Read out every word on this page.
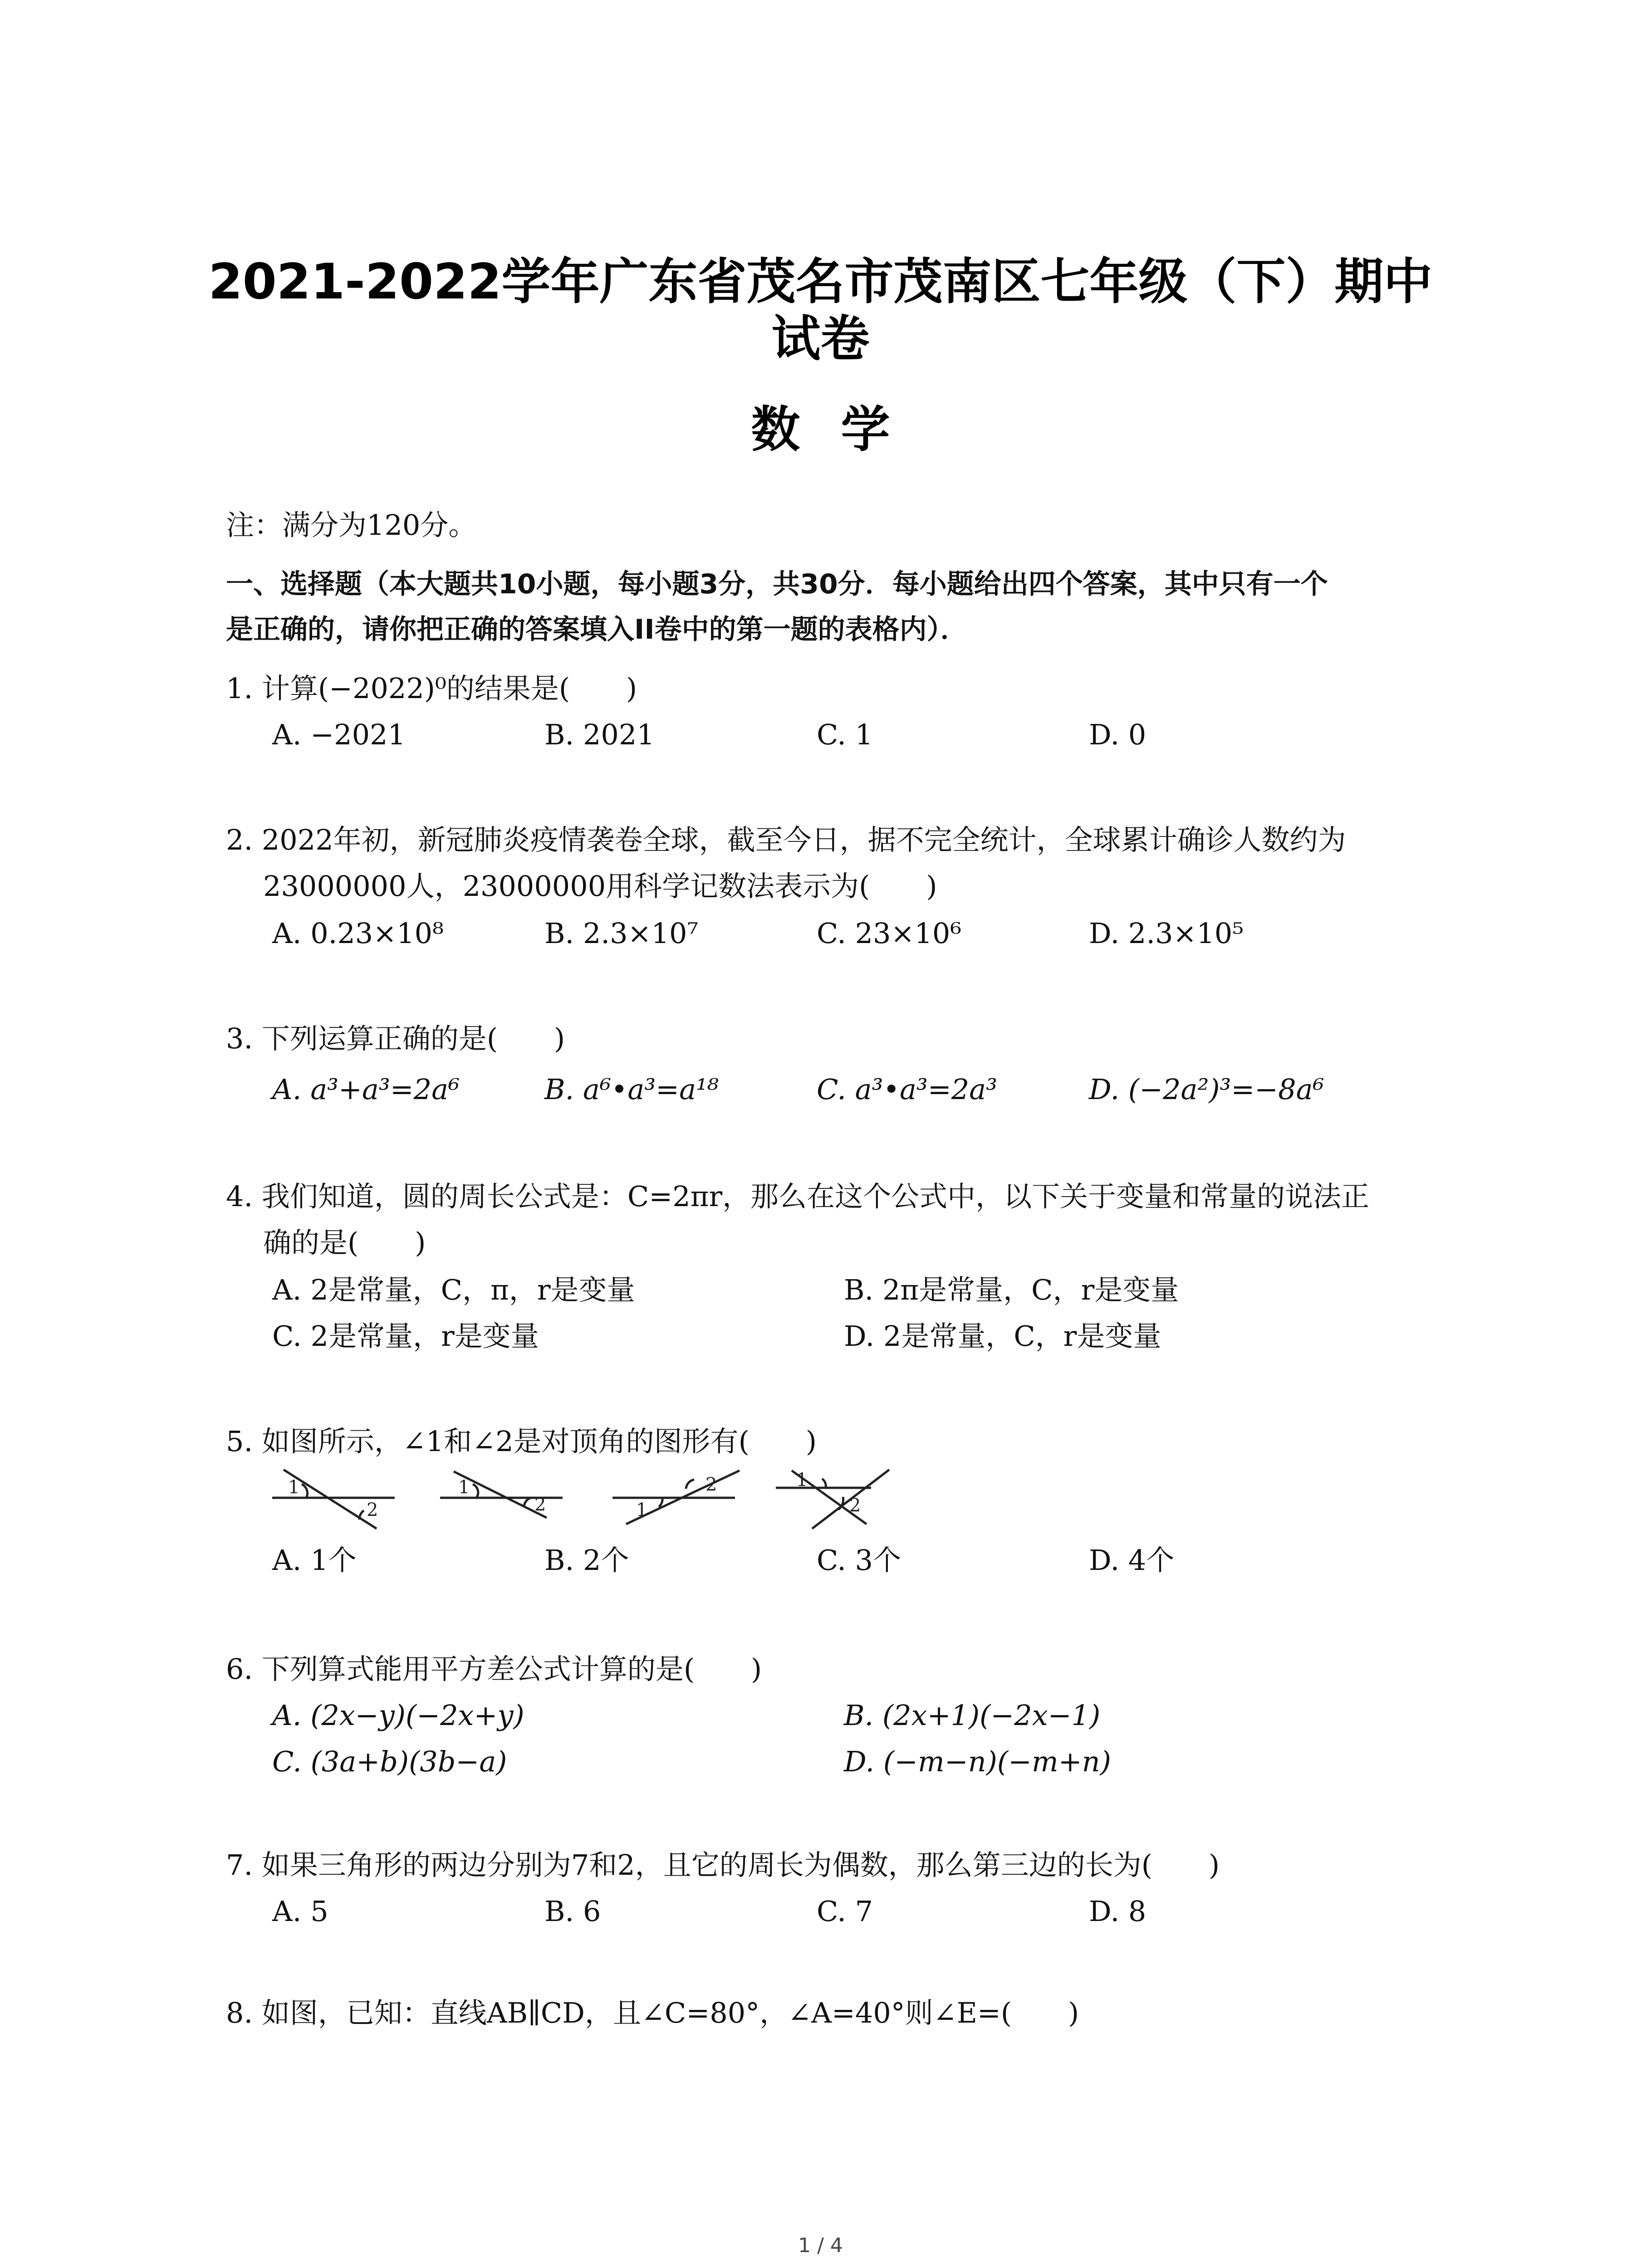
2021-2022学年广东省茂名市茂南区七年级（下）期中
试卷
数学
注：满分为120分。
一、选择题（本大题共10小题，每小题3分，共30分．每小题给出四个答案，其中只有一个
是正确的，请你把正确的答案填入II卷中的第一题的表格内）．
1. 计算(−2022)⁰的结果是(　　)
A. −2021	B. 2021	C. 1	D. 0
2. 2022年初，新冠肺炎疫情袭卷全球，截至今日，据不完全统计，全球累计确诊人数约为
23000000人，23000000用科学记数法表示为(　　)
A. 0.23×10⁸	B. 2.3×10⁷	C. 23×10⁶	D. 2.3×10⁵
3. 下列运算正确的是(　　)
A. a³+a³=2a⁶	B. a⁶•a³=a¹⁸	C. a³•a³=2a³	D. (−2a²)³=−8a⁶
4. 我们知道，圆的周长公式是：C=2πr，那么在这个公式中，以下关于变量和常量的说法正
确的是(　　)
A. 2是常量，C，π，r是变量	B. 2π是常量，C，r是变量
C. 2是常量，r是变量	D. 2是常量，C，r是变量
5. 如图所示，∠1和∠2是对顶角的图形有(　　)
1
2
1
2	1
2	1
2
A. 1个	B. 2个	C. 3个	D. 4个
6. 下列算式能用平方差公式计算的是(　　)
A. (2x−y)(−2x+y)	B. (2x+1)(−2x−1)
C. (3a+b)(3b−a)	D. (−m−n)(−m+n)
7. 如果三角形的两边分别为7和2，且它的周长为偶数，那么第三边的长为(　　)
A. 5	B. 6	C. 7	D. 8
8. 如图，已知：直线AB∥CD，且∠C=80°，∠A=40°则∠E=(　　)
1 / 4
